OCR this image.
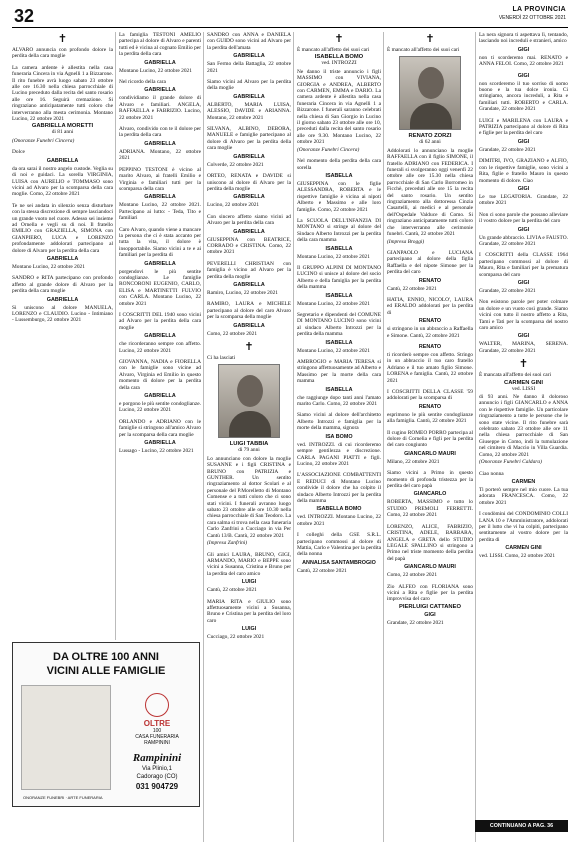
32	LA PROVINCIA
VENERDÌ 22 OTTOBRE 2021
✝

ALVARO annuncia con profondo dolore la perdita della cara moglie

La camera ardente è allestita nella casa funeraria Cincera in via Agnelli 1 a Bizzarone. Il rito funebre avrà luogo sabato 23 ottobre alle ore 16.30 nella chiesa parrocchiale di Lucino preceduto dalla recita del santo rosario alle ore 16. Seguirà cremazione. Si ringraziano anticipatamente tutti coloro che interverranno alla mesta cerimonia. Montano Lucino, 22 ottobre 2021

GABRIELLA MORETTI
di 81 anni
(Onoranze Funebri Cincera)

Dolce

GABRIELLA

da ora sarai il nostro angelo custode. Veglia su di noi e guidaci. La sorella VIRGINIA, LUISA con AURELIO e TOMMASO sono vicini ad Alvaro per la scomparsa della cara moglie. Como, 22 ottobre 2021

Te ne sei andata in silenzio senza disturbare con la stessa discrezione di sempre lasciandoci un grande vuoto nel cuore. Adesso sei insieme ad Ornella e vegli su di noi. Il fratello EMILIO con GRAZIELLA, SIMONA con GIANPIERO, LUCA e LORENZO profondamente addolorati partecipano al dolore di Alvaro per la perdita della cara

GABRIELLA

Montano Lucino, 22 ottobre 2021

SANDRO e RITA partecipano con profondo affetto al grande dolore di Alvaro per la perdita della cara moglie

GABRIELLA

Si uniscono al dolore MANUELA, LORENZO e CLAUDIO. Lucino - Intimiano - Lussemburgo, 22 ottobre 2021

La famiglia TESTONI AMELIO partecipa al dolore di Alvaro e parenti tutti ed è vicina al cognato Emilio per la perdita della cara

GABRIELLA

Montano Lucino, 22 ottobre 2021

Nel ricordo della cara

GABRIELLA

condividiamo il grande dolore di Alvaro e familiari. ANGELA, RAFFAELLA e FABRIZIO. Lucino, 22 ottobre 2021

Alvaro, condivido con te il dolore per la perdita della cara

GABRIELLA

ADRIANA. Montano, 22 ottobre 2021

PEPPINO TESTONI è vicino al marito Alvaro, ai fratelli Emilio e Virginia e familiari tutti per la scomparsa della cara

GABRIELLA

Montano Lucino, 22 ottobre 2021. Partecipano ai lutto: - Teda, Tito e familiari

Caro Alvaro, quando viene a mancare la persona che ci è stata accanto per tutta la vita, il dolore è insopportabile. Siamo vicini a te e ai familiari per la perdita di

GABRIELLA

porgendovi le più sentite condoglianze. Le famiglie RONCORONI EUGENIO, CARLO, ELISA e MARTINETTI FULVIO con CARLA. Montano Lucino, 22 ottobre 2021

I COSCRITTI DEL 1940 sono vicini ad Alvaro per la perdita della cara moglie

GABRIELLA

che ricorderanno sempre con affetto. Lucino, 22 ottobre 2021

GIOVANNA, NADIA e FIORELLA con le famiglie sono vicine ad Alvaro, Virginia ed Emilio in questo momento di dolore per la perdita della cara

GABRIELLA

e porgono le più sentite condoglianze. Lucino, 22 ottobre 2021

ORLANDO e ADRIANO con le famiglie si stringono all'amico Alvaro per la scomparsa della cara moglie

GABRIELLA

Lussago - Lucino, 22 ottobre 2021

SANDRO con ANNA e DANIELA con GUIDO sono vicini ad Alvaro per la perdita dell'amata

GABRIELLA

San Fermo della Battaglia, 22 ottobre 2021

Siamo vicini ad Alvaro per la perdita della moglie

GABRIELLA

ALBERTO, MARIA LUISA, ALESSIO, DAVIDE e ARIANNA. Montano, 22 ottobre 2021

SILVANA, ALBINO, DEBORA, MANUELE e famiglie partecipano al dolore di Alvaro per la perdita della cara moglie

GABRIELLA

Colverde, 22 ottobre 2021

ORTEO, RENATA e DAVIDE si uniscono al dolore di Alvaro per la perdita della moglie

GABRIELLA

Lucino, 22 ottobre 2021

Con sincero affetto siamo vicini ad Alvaro per la perdita della cara

GABRIELLA

GIUSEPPINA con BEATRICE, CORRADO e CRISTINA. Como, 22 ottobre 2021

PEVERELLI CHRISTIAN con famiglia è vicino ad Alvaro per la perdita della moglie

GABRIELLA

Ramiro, Lucino, 22 ottobre 2021

RAMIRO, LAURA e MICHELE partecipano al dolore del caro Alvaro per la scomparsa della moglie

GABRIELLA

Como, 22 ottobre 2021

✝

Ci ha lasciati

LUIGI TABBIA
di 79 anni

Lo annunciano con dolore la moglie SUSANNE e i figli CRISTINA e BRUNO con PATRIZIA e GUNTHER. Un sentito ringraziamento al dottor Scolari e al personale del P.Morelletto di Montano Comense e a tutti coloro che ci sono stati vicini. I funerali avranno luogo sabato 23 ottobre alle ore 10.30 nella chiesa parrocchiale di San Teodoro. La cara salma si trova nella casa funeraria Carlo Zanfrini a Cucciago in via Per Cantù 13/B. Cantù, 22 ottobre 2021

(Impresa Zanfrini)

Gli amici LAURA, BRUNO, GIGI, ARMANDO, MARIO e BEPPE sono vicini a Susanna, Cristina e Bruno per la perdita del caro amico

LUIGI

Cantù, 22 ottobre 2021

MARIA RITA e GIULIO sono affettuosamente vicini a Susanna, Bruno e Cristina per la perdita del loro caro

LUIGI

Cucciago, 22 ottobre 2021

✝

È mancato all'affetto dei suoi cari

ISABELLA BOMO
ved. INTROZZI

Ne danno il triste annuncio i figli MASSIMO con VIVIANA, GIORGIA e ANDREA, ALBERTO con CARMEN, EMMA e DARIO. La camera ardente è allestita nella casa funeraria Cincera in via Agnelli 1 a Bizzarone. I funerali saranno celebrati nella chiesa di San Giorgio in Lucino il giorno sabato 23 ottobre alle ore 10, preceduti dalla recita del santo rosario alle ore 9.30. Montano Lucino, 22 ottobre 2021

(Onoranze Funebri Cincera)

Nel momento della perdita della cara sorella

ISABELLA

GIUSEPPINA con le figlie ALESSANDRA, ROBERTA e le rispettive famiglie è vicina ai nipoti Alberto e Massimo e alle loro famiglie. Como, 22 ottobre 2021

La SCUOLA DELL'INFANZIA DI MONTANO si stringe al dolore del Sindaco Alberto Introzzi per la perdita della cara mamma

ISABELLA

Montano Lucino, 22 ottobre 2021

Il GRUPPO ALPINI DI MONTANO LUCINO si unisce al dolore del socio Alberto e della famiglia per la perdita della mamma

ISABELLA

Montano Lucino, 22 ottobre 2021

Segretario e dipendenti del COMUNE DI MONTANO LUCINO sono vicini al sindaco Alberto Introzzi per la perdita della mamma

ISABELLA

Montano Lucino, 22 ottobre 2021

AMBROGIO e MARIA TERESA si stringono affettuosamente ad Alberto e Massimo per la morte della cara mamma

ISABELLA

che raggiunge dopo tanti anni l'amato marito Carlo. Como, 22 ottobre 2021

Siamo vicini al dolore dell'architetto Alberto Introzzi e famiglia per la morte della mamma, signora

ISA BOMO

ved. INTROZZI. di cui ricorderemo sempre gentilezza e discrezione. CARLA PAGANI PIATTI e figli. Lucino, 22 ottobre 2021

L'ASSOCIAZIONE COMBATTENTI E REDUCI di Montano Lucino condivide il dolore che ha colpito il sindaco Alberto Introzzi per la perdita della mamma

ISABELLA BOMO

ved. INTROZZI. Montano Lucino, 22 ottobre 2021

I colleghi della GSE S.R.L. partecipano commossi al dolore di Mattia, Carlo e Valentina per la perdita della nonna

ANNALISA SANTAMBROGIO

Cantù, 22 ottobre 2021

✝

È mancato all'affetto dei suoi cari

RENATO ZORZI
di 62 anni

Addolorati lo annunciano la moglie RAFFAELLA con il figlio SIMONE, il fratello ADRIANO con FEDERICA. I funerali si svolgeranno oggi venerdì 22 ottobre alle ore 15.30 nella chiesa parrocchiale di San Carlo Borromeo in Ficchè, preceduti alle ore 15 la recita del santo rosario. Un sentito ringraziamento alla dottoressa Cinzia Casartelli, ai medici e al personale dell'Ospedale Valduce di Como. Si ringraziano anticipatamente tutti coloro che interverranno alle cerimonie funebri. Cantù, 22 ottobre 2021

(Impresa Broggi)

GIANPAOLO e LUCIANA partecipano al dolore della figlia Raffaella e del nipote Simone per la perdita del caro

RENATO

Cantù, 22 ottobre 2021

HATIA, ENNIO, NICOLO', LAURA ed ERALDO addolorati per la perdita di

RENATO

si stringono in un abbraccio a Raffaella e Simone. Cantù, 22 ottobre 2021

RENATO

ti ricorderò sempre con affetto. Stringo in un abbraccio il tuo caro fratello Adriano e il tuo amato figlio Simone. LORENA e famiglia. Cantù, 22 ottobre 2021

I COSCRITTI DELLA CLASSE '59 addolorati per la scomparsa di

RENATO

esprimono le più sentite condoglianze alla famiglia. Cantù, 22 ottobre 2021

Il cugino ROMEO PORRO partecipa al dolore di Cornelia e figli per la perdita del caro congiunto

GIANCARLO MAURI

Milano, 22 ottobre 2021

Siamo vicini a Primo in questo momento di profonda tristezza per la perdita del caro papà

GIANCARLO

ROBERTA, MASSIMO e tutto lo STUDIO PREMOLI FERRETTI. Como, 22 ottobre 2021

LORENZO, ALICE, FABRIZIO, CRISTINA, ADELE, BARBARA, ANGELA e GRETA dello STUDIO LEGALE SPALLINO si stringono a Primo nel triste momento della perdita del papà

GIANCARLO MAURI

Como, 22 ottobre 2021

Zio ALFEO con FLORIANA sono vicini a Rita e figlie per la perdita improvvisa del caro

PIERLUIGI CATTANEO
GIGI

Grandate, 22 ottobre 2021

La nera signora ti aspettava lì, tentando, lasciando noi increduli e stranieri, amico

GIGI

non ti scorderemo mai. RENATO e ANNA FELOI. Como, 22 ottobre 2021

GIGI

non scorderemo il tuo sorriso di uomo buono e la tua dolce ironia. Ci stringiamo, ancora increduli, a Rita e familiari tutti. ROBERTO e CARLA. Grandate, 22 ottobre 2021

LUIGI e MARILENA con LAURA e PATRIZIA partecipano al dolore di Rita e figlie per la perdita del caro

GIGI

Grandate, 22 ottobre 2021

DIMITRI, IVO, GRAZIANO e ALFIO, con le rispettive famiglie, sono vicini a Rita, figlie e fratello Mauro in questo momento di dolore. Ciao

GIGI

Le tue LEGATORIA. Grandate, 22 ottobre 2021

Non ci sono parole che possano alleviare il vostro dolore per la perdita del caro

GIGI

Un grande abbraccio. LIVIA e FAUSTO. Grandate, 22 ottobre 2021

I COSCRITTI della CLASSE 1964 partecipano commossi al dolore di Mauro, Rita e familiari per la prematura scomparsa del caro

GIGI

Grandate, 22 ottobre 2021

Non esistono parole per poter colmare un dolore e un vuoto così grande. Siamo vicini con tutto il nostro affetto a Rita, Tami e Tati per la scomparsa del nostro caro amico

GIGI

WALTER, MARINA, SERENA. Grandate, 22 ottobre 2021

✝

È mancata all'affetto dei suoi cari

CARMEN GINI
ved. LISSI

di 93 anni. Ne danno il doloroso annuncio i figli GIANCARLO e ANNA con le rispettive famiglie. Un particolare ringraziamento a tutte le persone che le sono state vicine. Il rito funebre sarà celebrato sabato 23 ottobre alle ore 11 nella chiesa parrocchiale di San Giuseppe in Como, indi la tumulazione nel cimitero di Maccio in Villa Guardia. Como, 22 ottobre 2021

(Onoranze Funebri Caldara)

Ciao nonna

CARMEN

Ti porterò sempre nel mio cuore. La tua adorata FRANCESCA. Como, 22 ottobre 2021

I condòmini del CONDOMINIO COLLI LANA 10 e l'Amministratore, addolorati per il lutto che vi ha colpiti, partecipano sentitamente al vostro dolore per la perdita di

CARMEN GINI

ved. LISSI. Como, 22 ottobre 2021

DA OLTRE 100 ANNI
VICINI ALLE FAMIGLIE
OLTRE
100
CASA FUNERARIA
RAMPININI
Rampinini
Via Plinio,1
Cadorago (CO)
031 904729
ONORANZE FUNEBRI · ARTE FUNERARIA
CONTINUANO A PAG. 36
